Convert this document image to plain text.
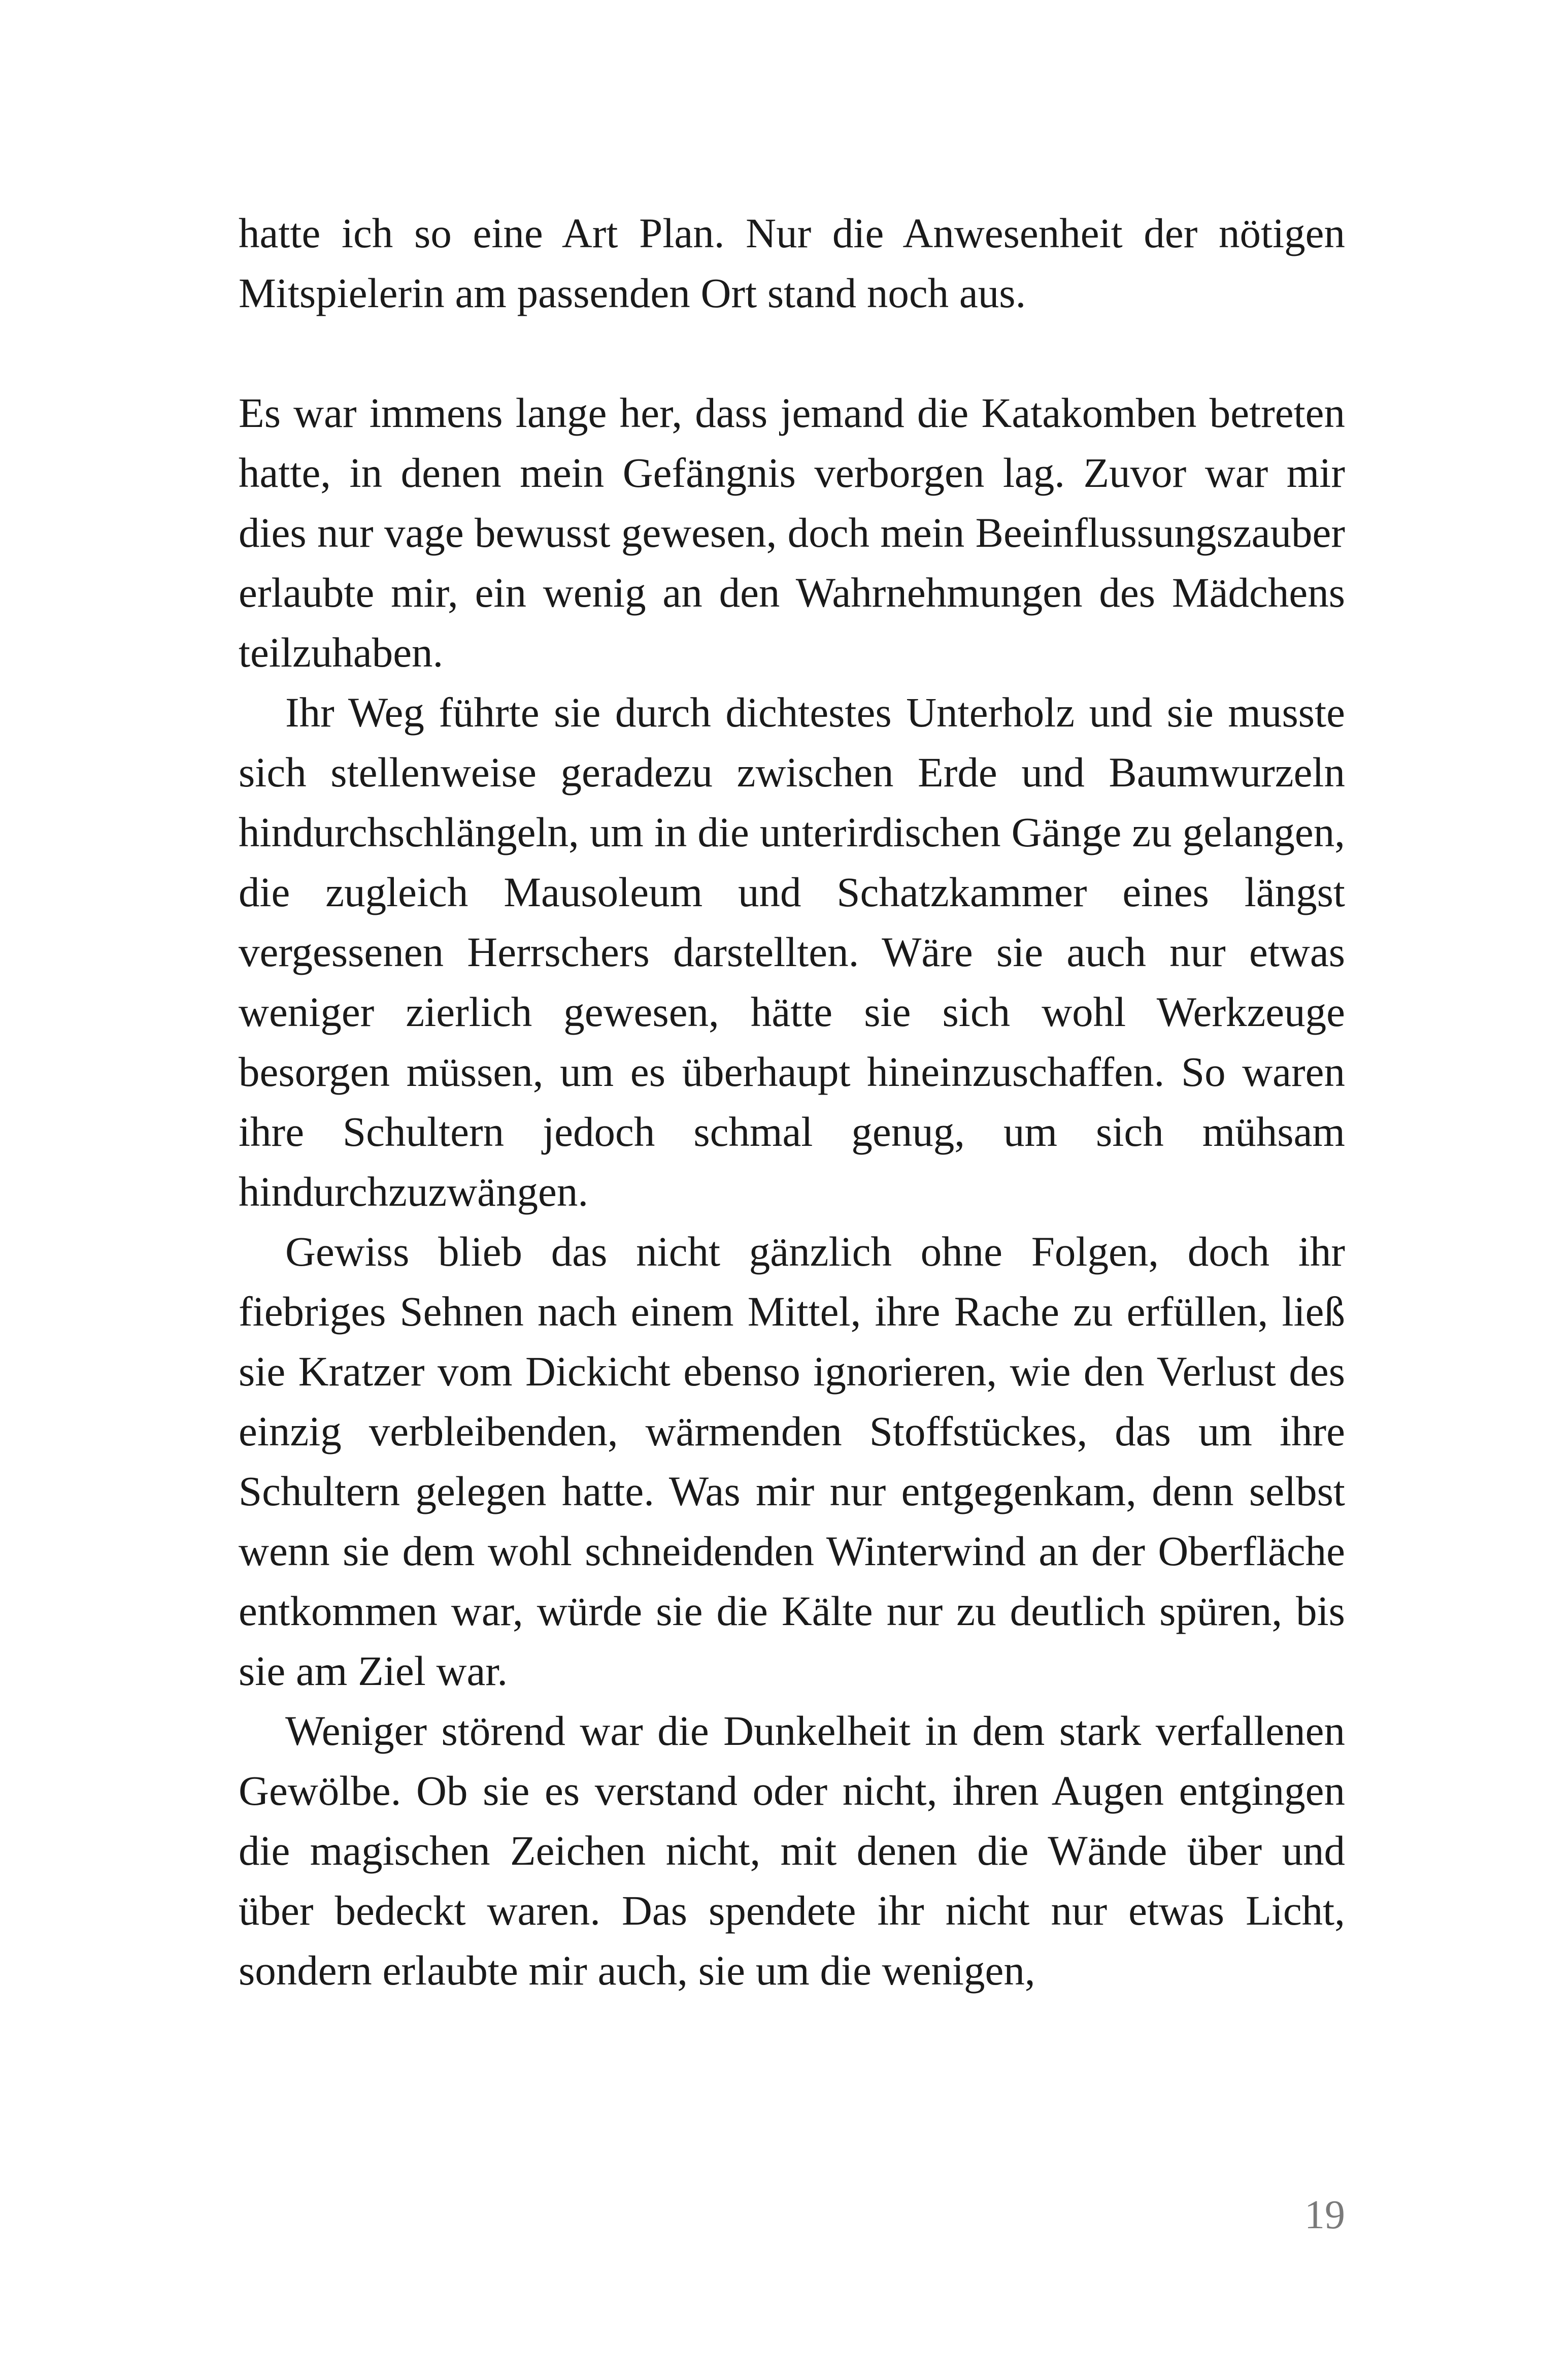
hatte ich so eine Art Plan. Nur die Anwesenheit der nötigen Mitspielerin am passenden Ort stand noch aus.

Es war immens lange her, dass jemand die Katakomben betreten hatte, in denen mein Gefängnis verborgen lag. Zuvor war mir dies nur vage bewusst gewesen, doch mein Beeinflussungszauber erlaubte mir, ein wenig an den Wahrnehmungen des Mädchens teilzuhaben.

Ihr Weg führte sie durch dichtestes Unterholz und sie musste sich stellenweise geradezu zwischen Erde und Baumwurzeln hindurchschlängeln, um in die unterirdischen Gänge zu gelangen, die zugleich Mausoleum und Schatzkammer eines längst vergessenen Herrschers darstellten. Wäre sie auch nur etwas weniger zierlich gewesen, hätte sie sich wohl Werkzeuge besorgen müssen, um es überhaupt hineinzuschaffen. So waren ihre Schultern jedoch schmal genug, um sich mühsam hindurchzuzwängen.

Gewiss blieb das nicht gänzlich ohne Folgen, doch ihr fiebriges Sehnen nach einem Mittel, ihre Rache zu erfüllen, ließ sie Kratzer vom Dickicht ebenso ignorieren, wie den Verlust des einzig verbleibenden, wärmenden Stoffstückes, das um ihre Schultern gelegen hatte. Was mir nur entgegenkam, denn selbst wenn sie dem wohl schneidenden Winterwind an der Oberfläche entkommen war, würde sie die Kälte nur zu deutlich spüren, bis sie am Ziel war.

Weniger störend war die Dunkelheit in dem stark verfallenen Gewölbe. Ob sie es verstand oder nicht, ihren Augen entgingen die magischen Zeichen nicht, mit denen die Wände über und über bedeckt waren. Das spendete ihr nicht nur etwas Licht, sondern erlaubte mir auch, sie um die wenigen,

19
